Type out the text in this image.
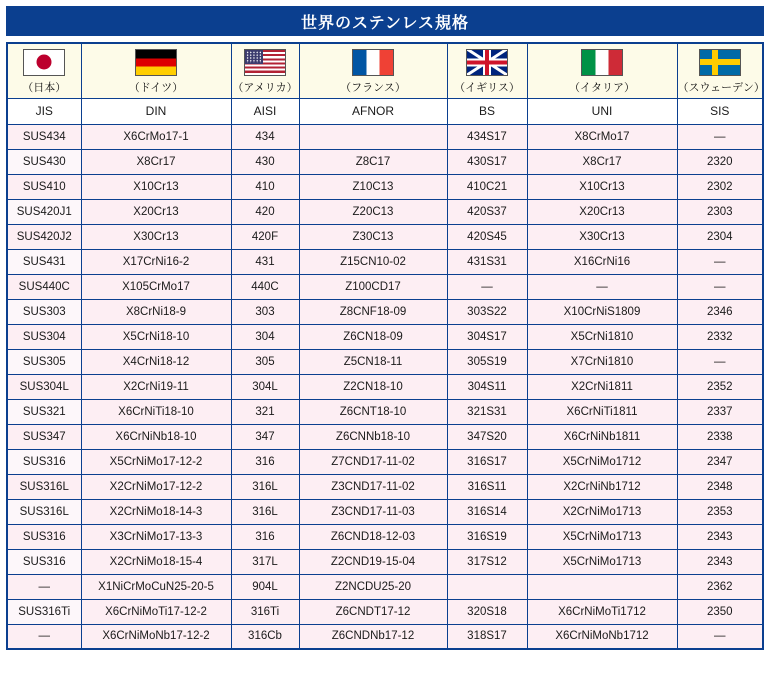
世界のステンレス規格
（日本）	（ドイツ）	（アメリカ）	（フランス）	（イギリス）	（イタリア）	（スウェーデン）

JIS	DIN	AISI	AFNOR	BS	UNI	SIS
SUS434	X6CrMo17-1	434		434S17	X8CrMo17	—
SUS430	X8Cr17	430	Z8C17	430S17	X8Cr17	2320
SUS410	X10Cr13	410	Z10C13	410C21	X10Cr13	2302
SUS420J1	X20Cr13	420	Z20C13	420S37	X20Cr13	2303
SUS420J2	X30Cr13	420F	Z30C13	420S45	X30Cr13	2304
SUS431	X17CrNi16-2	431	Z15CN10-02	431S31	X16CrNi16	—
SUS440C	X105CrMo17	440C	Z100CD17	—	—	—
SUS303	X8CrNi18-9	303	Z8CNF18-09	303S22	X10CrNiS1809	2346
SUS304	X5CrNi18-10	304	Z6CN18-09	304S17	X5CrNi1810	2332
SUS305	X4CrNi18-12	305	Z5CN18-11	305S19	X7CrNi1810	—
SUS304L	X2CrNi19-11	304L	Z2CN18-10	304S11	X2CrNi1811	2352
SUS321	X6CrNiTi18-10	321	Z6CNT18-10	321S31	X6CrNiTi1811	2337
SUS347	X6CrNiNb18-10	347	Z6CNNb18-10	347S20	X6CrNiNb1811	2338
SUS316	X5CrNiMo17-12-2	316	Z7CND17-11-02	316S17	X5CrNiMo1712	2347
SUS316L	X2CrNiMo17-12-2	316L	Z3CND17-11-02	316S11	X2CrNiNb1712	2348
SUS316L	X2CrNiMo18-14-3	316L	Z3CND17-11-03	316S14	X2CrNiMo1713	2353
SUS316	X3CrNiMo17-13-3	316	Z6CND18-12-03	316S19	X5CrNiMo1713	2343
SUS316	X2CrNiMo18-15-4	317L	Z2CND19-15-04	317S12	X5CrNiMo1713	2343
—	X1NiCrMoCuN25-20-5	904L	Z2NCDU25-20			2362
SUS316Ti	X6CrNiMoTi17-12-2	316Ti	Z6CNDT17-12	320S18	X6CrNiMoTi1712	2350
—	X6CrNiMoNb17-12-2	316Cb	Z6CNDNb17-12	318S17	X6CrNiMoNb1712	—
